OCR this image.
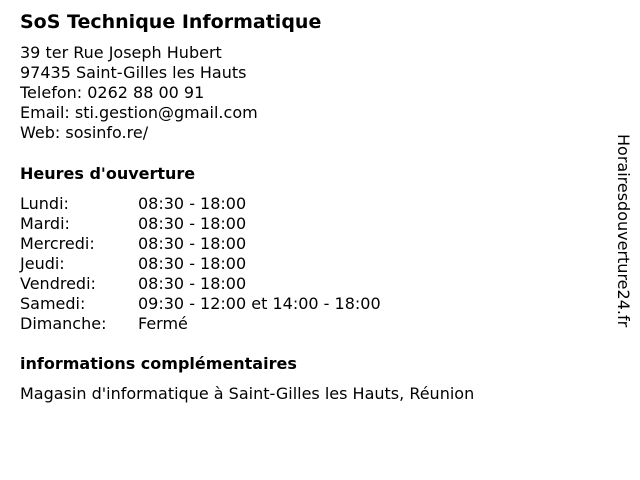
SoS Technique Informatique
39 ter Rue Joseph Hubert
97435 Saint-Gilles les Hauts
Telefon: 0262 88 00 91
Email: sti.gestion@gmail.com
Web: sosinfo.re/
Heures d'ouverture
Lundi:	08:30 - 18:00
Mardi:	08:30 - 18:00
Mercredi:	08:30 - 18:00
Jeudi:	08:30 - 18:00
Vendredi:	08:30 - 18:00
Samedi:	09:30 - 12:00 et 14:00 - 18:00
Dimanche:	Fermé
informations complémentaires
Magasin d'informatique à Saint-Gilles les Hauts, Réunion
Horairesdouverture24.fr
